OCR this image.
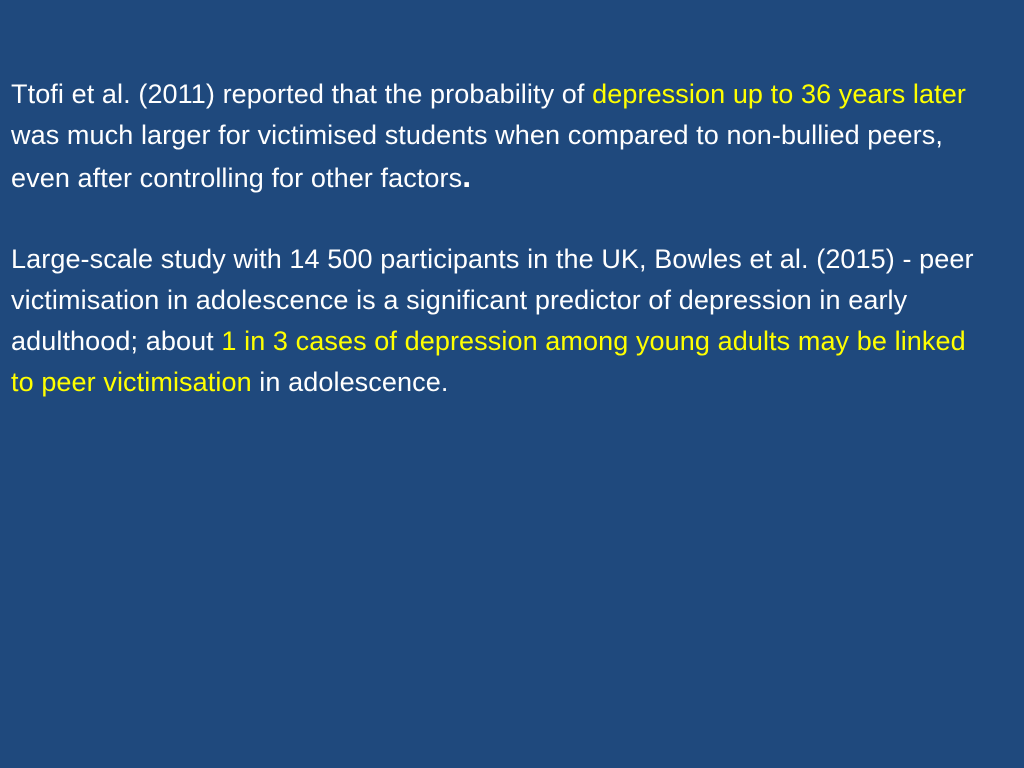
Ttofi et al. (2011) reported that the probability of depression up to 36 years later was much larger for victimised students when compared to non-bullied peers, even after controlling for other factors.

Large-scale study with 14 500 participants in the UK, Bowles et al. (2015) - peer victimisation in adolescence is a significant predictor of depression in early adulthood; about 1 in 3 cases of depression among young adults may be linked to peer victimisation in adolescence.
